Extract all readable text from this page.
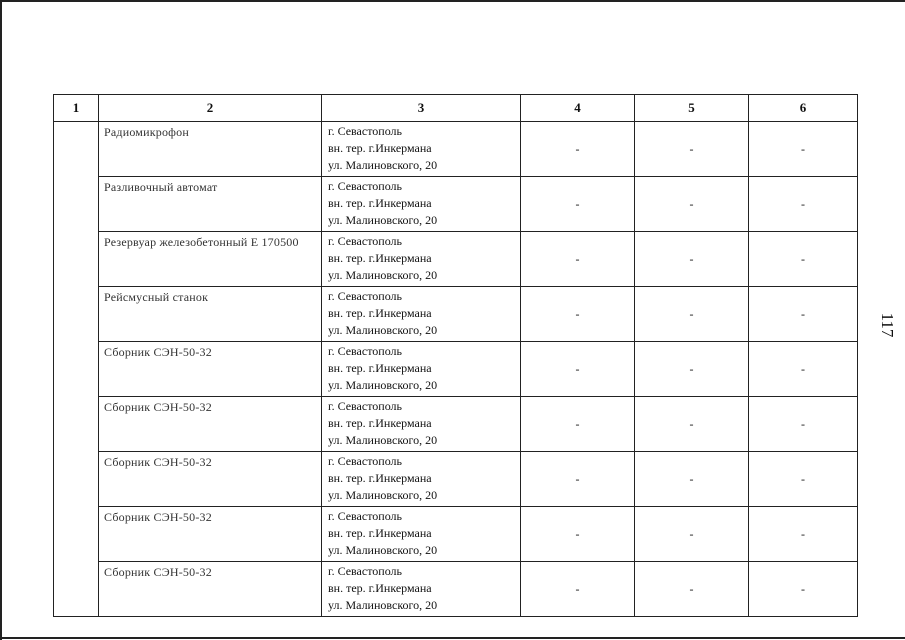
1	2	3	4	5	6
	Радиомикрофон	г. Севастополь
вн. тер. г.Инкермана
ул. Малиновского, 20	-	-	-
	Разливочный автомат	г. Севастополь
вн. тер. г.Инкермана
ул. Малиновского, 20	-	-	-
	Резервуар железобетонный Е 170500	г. Севастополь
вн. тер. г.Инкермана
ул. Малиновского, 20	-	-	-
	Рейсмусный станок	г. Севастополь
вн. тер. г.Инкермана
ул. Малиновского, 20	-	-	-
	Сборник СЭН-50-32	г. Севастополь
вн. тер. г.Инкермана
ул. Малиновского, 20	-	-	-
	Сборник СЭН-50-32	г. Севастополь
вн. тер. г.Инкермана
ул. Малиновского, 20	-	-	-
	Сборник СЭН-50-32	г. Севастополь
вн. тер. г.Инкермана
ул. Малиновского, 20	-	-	-
	Сборник СЭН-50-32	г. Севастополь
вн. тер. г.Инкермана
ул. Малиновского, 20	-	-	-
	Сборник СЭН-50-32	г. Севастополь
вн. тер. г.Инкермана
ул. Малиновского, 20	-	-	-
117
